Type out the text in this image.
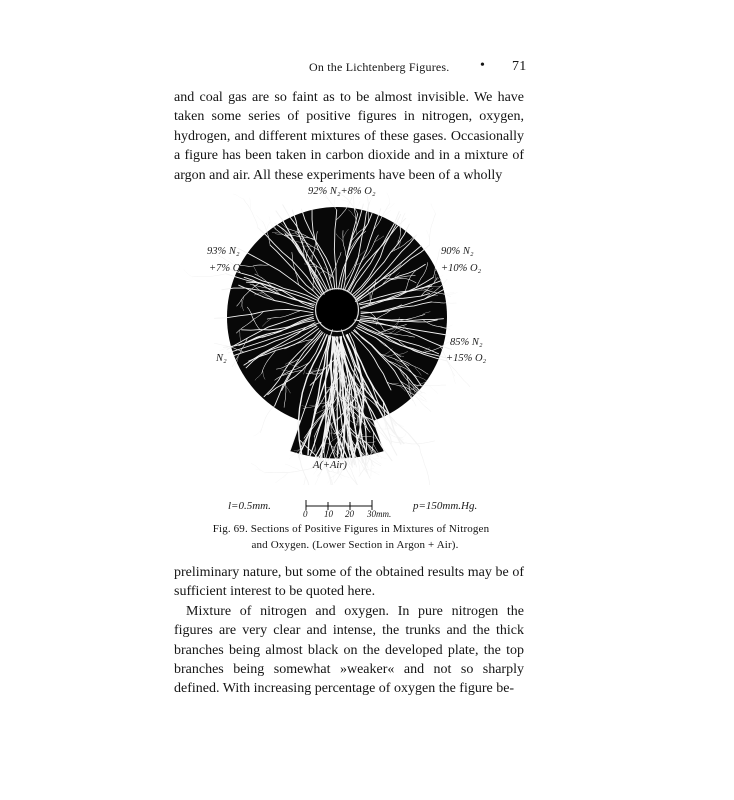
On the Lichtenberg Figures. • 71

and coal gas are so faint as to be almost invisible. We have taken some series of positive figures in nitrogen, oxygen, hydrogen, and different mixtures of these gases. Occasionally a figure has been taken in carbon dioxide and in a mixture of argon and air. All these experiments have been of a wholly

92% N₂+8% O₂
93% N₂
+7% O₂
90% N₂
+10% O₂
N₂
85% N₂
+15% O₂
A(+Air)
l=0.5mm.
0 10 20 30mm.
p=150mm.Hg.
Fig. 69. Sections of Positive Figures in Mixtures of Nitrogen
and Oxygen. (Lower Section in Argon + Air).
preliminary nature, but some of the obtained results may be of sufficient interest to be quoted here.
Mixture of nitrogen and oxygen. In pure nitrogen the figures are very clear and intense, the trunks and the thick branches being almost black on the developed plate, the top branches being somewhat »weaker« and not so sharply defined. With increasing percentage of oxygen the figure be-
